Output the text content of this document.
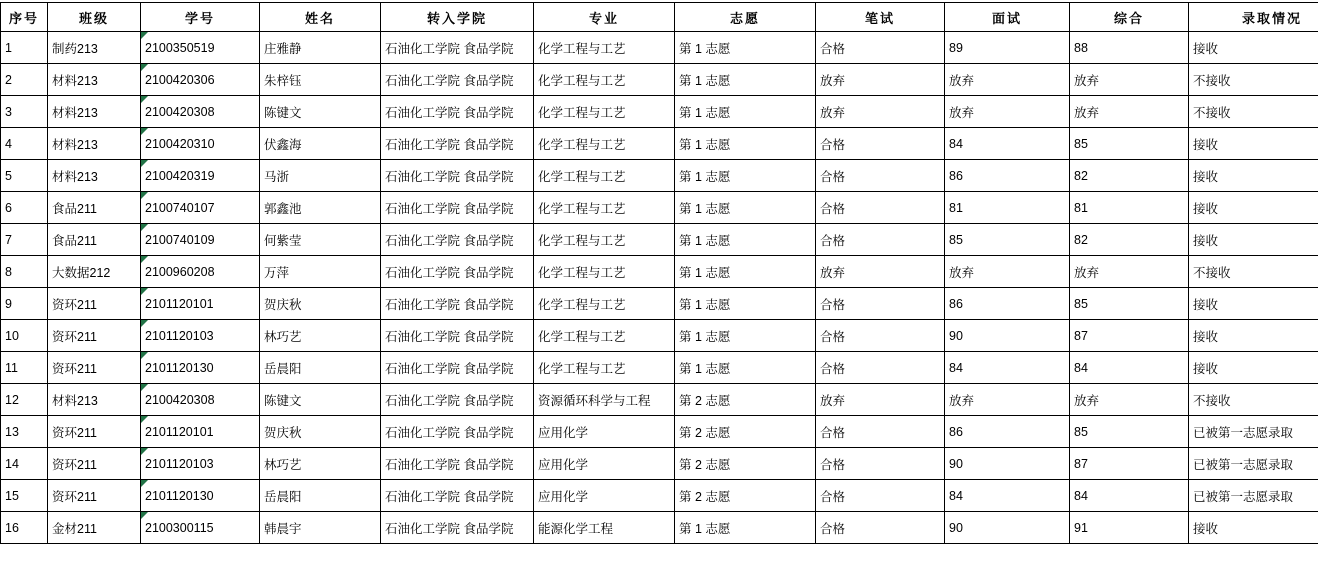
序号	班级	学号	姓名	转入学院	专业	志愿	笔试	面试	综合	录取情况
1	制药213	2100350519	庄雅静	石油化工学院 食品学院	化学工程与工艺	第 1 志愿	合格	89	88	接收
2	材料213	2100420306	朱梓钰	石油化工学院 食品学院	化学工程与工艺	第 1 志愿	放弃	放弃	放弃	不接收
3	材料213	2100420308	陈键文	石油化工学院 食品学院	化学工程与工艺	第 1 志愿	放弃	放弃	放弃	不接收
4	材料213	2100420310	伏鑫海	石油化工学院 食品学院	化学工程与工艺	第 1 志愿	合格	84	85	接收
5	材料213	2100420319	马浙	石油化工学院 食品学院	化学工程与工艺	第 1 志愿	合格	86	82	接收
6	食品211	2100740107	郭鑫池	石油化工学院 食品学院	化学工程与工艺	第 1 志愿	合格	81	81	接收
7	食品211	2100740109	何紫莹	石油化工学院 食品学院	化学工程与工艺	第 1 志愿	合格	85	82	接收
8	大数据212	2100960208	万萍	石油化工学院 食品学院	化学工程与工艺	第 1 志愿	放弃	放弃	放弃	不接收
9	资环211	2101120101	贺庆秋	石油化工学院 食品学院	化学工程与工艺	第 1 志愿	合格	86	85	接收
10	资环211	2101120103	林巧艺	石油化工学院 食品学院	化学工程与工艺	第 1 志愿	合格	90	87	接收
11	资环211	2101120130	岳晨阳	石油化工学院 食品学院	化学工程与工艺	第 1 志愿	合格	84	84	接收
12	材料213	2100420308	陈键文	石油化工学院 食品学院	资源循环科学与工程	第 2 志愿	放弃	放弃	放弃	不接收
13	资环211	2101120101	贺庆秋	石油化工学院 食品学院	应用化学	第 2 志愿	合格	86	85	已被第一志愿录取
14	资环211	2101120103	林巧艺	石油化工学院 食品学院	应用化学	第 2 志愿	合格	90	87	已被第一志愿录取
15	资环211	2101120130	岳晨阳	石油化工学院 食品学院	应用化学	第 2 志愿	合格	84	84	已被第一志愿录取
16	金材211	2100300115	韩晨宇	石油化工学院 食品学院	能源化学工程	第 1 志愿	合格	90	91	接收
